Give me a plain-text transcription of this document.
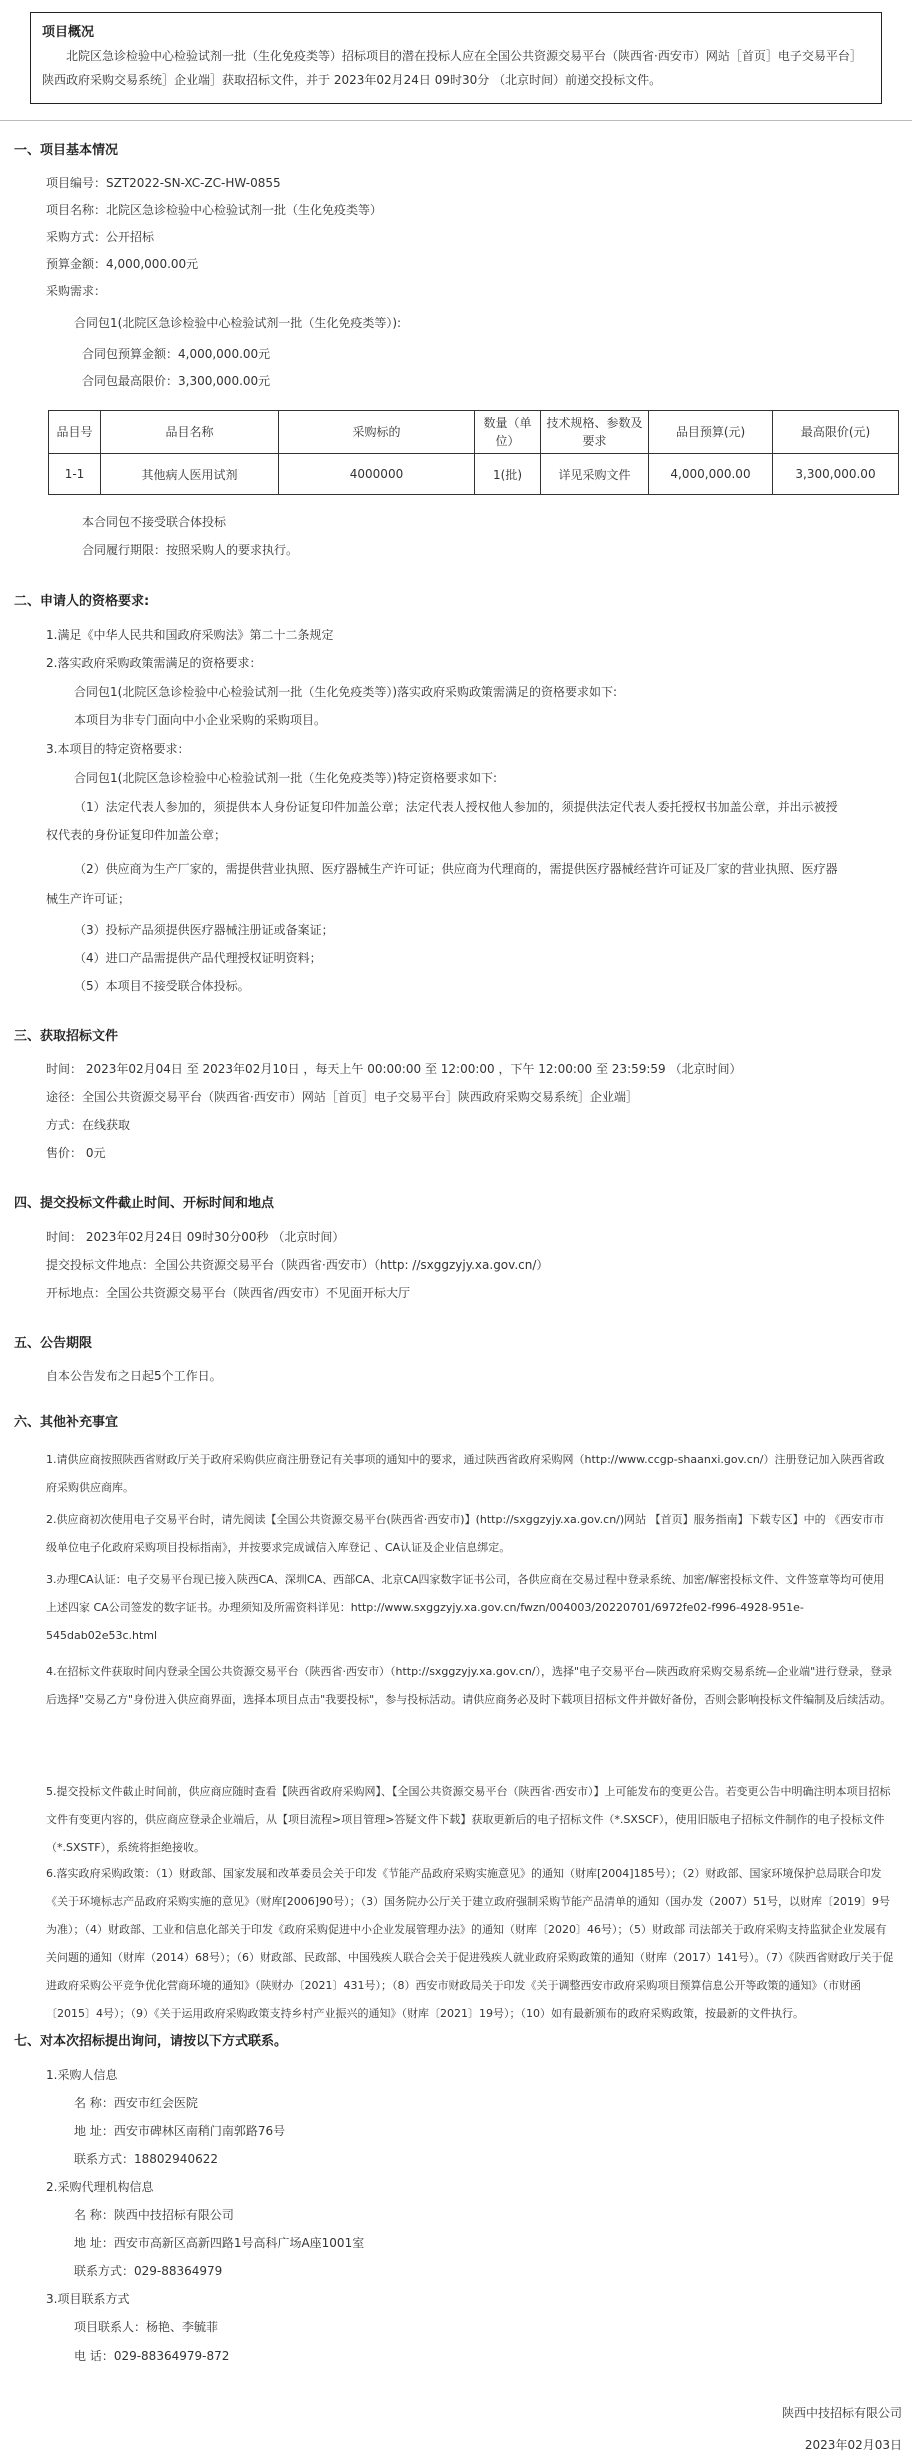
项目概况
北院区急诊检验中心检验试剂一批（生化免疫类等）招标项目的潜在投标人应在全国公共资源交易平台（陕西省·西安市）网站［首页］电子交易平台］陕西政府采购交易系统］企业端］获取招标文件，并于 2023年02月24日 09时30分 （北京时间）前递交投标文件。
一、项目基本情况
项目编号：SZT2022-SN-XC-ZC-HW-0855
项目名称：北院区急诊检验中心检验试剂一批（生化免疫类等）
采购方式：公开招标
预算金额：4,000,000.00元
采购需求：
合同包1(北院区急诊检验中心检验试剂一批（生化免疫类等）):
合同包预算金额：4,000,000.00元
合同包最高限价：3,300,000.00元
品目号	品目名称	采购标的	数量（单位）	技术规格、参数及要求	品目预算(元)	最高限价(元)
1-1	其他病人医用试剂	4000000	1(批)	详见采购文件	4,000,000.00	3,300,000.00
本合同包不接受联合体投标
合同履行期限：按照采购人的要求执行。
二、申请人的资格要求:
1.满足《中华人民共和国政府采购法》第二十二条规定
2.落实政府采购政策需满足的资格要求：
合同包1(北院区急诊检验中心检验试剂一批（生化免疫类等）)落实政府采购政策需满足的资格要求如下:
本项目为非专门面向中小企业采购的采购项目。
3.本项目的特定资格要求：
合同包1(北院区急诊检验中心检验试剂一批（生化免疫类等）)特定资格要求如下:
（1）法定代表人参加的，须提供本人身份证复印件加盖公章；法定代表人授权他人参加的，须提供法定代表人委托授权书加盖公章，并出示被授
权代表的身份证复印件加盖公章；
（2）供应商为生产厂家的，需提供营业执照、医疗器械生产许可证；供应商为代理商的，需提供医疗器械经营许可证及厂家的营业执照、医疗器
械生产许可证；
（3）投标产品须提供医疗器械注册证或备案证；
（4）进口产品需提供产品代理授权证明资料；
（5）本项目不接受联合体投标。
三、获取招标文件
时间： 2023年02月04日 至 2023年02月10日 ，每天上午 00:00:00 至 12:00:00 ，下午 12:00:00 至 23:59:59 （北京时间）
途径：全国公共资源交易平台（陕西省·西安市）网站［首页］电子交易平台］陕西政府采购交易系统］企业端］
方式：在线获取
售价： 0元
四、提交投标文件截止时间、开标时间和地点
时间： 2023年02月24日 09时30分00秒 （北京时间）
提交投标文件地点：全国公共资源交易平台（陕西省·西安市）（http: //sxggzyjy.xa.gov.cn/）
开标地点：全国公共资源交易平台（陕西省/西安市）不见面开标大厅
五、公告期限
自本公告发布之日起5个工作日。
六、其他补充事宜
1.请供应商按照陕西省财政厅关于政府采购供应商注册登记有关事项的通知中的要求，通过陕西省政府采购网（http://www.ccgp-shaanxi.gov.cn/）注册登记加入陕西省政府采购供应商库。
2.供应商初次使用电子交易平台时，请先阅读【全国公共资源交易平台(陕西省·西安市)】(http://sxggzyjy.xa.gov.cn/)网站 【首页】服务指南】下载专区】中的 《西安市市级单位电子化政府采购项目投标指南》，并按要求完成诚信入库登记 、CA认证及企业信息绑定。
3.办理CA认证：电子交易平台现已接入陕西CA、深圳CA、西部CA、北京CA四家数字证书公司，各供应商在交易过程中登录系统、加密/解密投标文件、文件签章等均可使用上述四家 CA公司签发的数字证书。办理须知及所需资料详见：http://www.sxggzyjy.xa.gov.cn/fwzn/004003/20220701/6972fe02-f996-4928-951e-545dab02e53c.html
4.在招标文件获取时间内登录全国公共资源交易平台（陕西省·西安市）（http://sxggzyjy.xa.gov.cn/），选择"电子交易平台—陕西政府采购交易系统—企业端"进行登录，登录后选择"交易乙方"身份进入供应商界面，选择本项目点击"我要投标"，参与投标活动。请供应商务必及时下载项目招标文件并做好备份，否则会影响投标文件编制及后续活动。
5.提交投标文件截止时间前，供应商应随时查看【陕西省政府采购网】、【全国公共资源交易平台（陕西省·西安市）】上可能发布的变更公告。若变更公告中明确注明本项目招标文件有变更内容的，供应商应登录企业端后，从【项目流程>项目管理>答疑文件下载】获取更新后的电子招标文件（*.SXSCF），使用旧版电子招标文件制作的电子投标文件（*.SXSTF），系统将拒绝接收。
6.落实政府采购政策：（1）财政部、国家发展和改革委员会关于印发《节能产品政府采购实施意见》的通知（财库[2004]185号）；（2）财政部、国家环境保护总局联合印发《关于环境标志产品政府采购实施的意见》（财库[2006]90号）；（3）国务院办公厅关于建立政府强制采购节能产品清单的通知（国办发（2007）51号，以财库〔2019〕9号为准）；（4）财政部、工业和信息化部关于印发《政府采购促进中小企业发展管理办法》的通知（财库〔2020〕46号）；（5）财政部 司法部关于政府采购支持监狱企业发展有关问题的通知（财库（2014）68号）；（6）财政部、民政部、中国残疾人联合会关于促进残疾人就业政府采购政策的通知（财库（2017）141号）。（7）《陕西省财政厅关于促进政府采购公平竞争优化营商环境的通知》（陕财办〔2021〕431号）；（8）西安市财政局关于印发《关于调整西安市政府采购项目预算信息公开等政策的通知》（市财函〔2015〕4号）；（9）《关于运用政府采购政策支持乡村产业振兴的通知》（财库〔2021〕19号）；（10）如有最新颁布的政府采购政策，按最新的文件执行。
七、对本次招标提出询问，请按以下方式联系。
1.采购人信息
名 称：西安市红会医院
地 址：西安市碑林区南稍门南郭路76号
联系方式：18802940622
2.采购代理机构信息
名 称：陕西中技招标有限公司
地 址：西安市高新区高新四路1号高科广场A座1001室
联系方式：029-88364979
3.项目联系方式
项目联系人：杨艳、李毓菲
电 话：029-88364979-872
陕西中技招标有限公司
2023年02月03日
